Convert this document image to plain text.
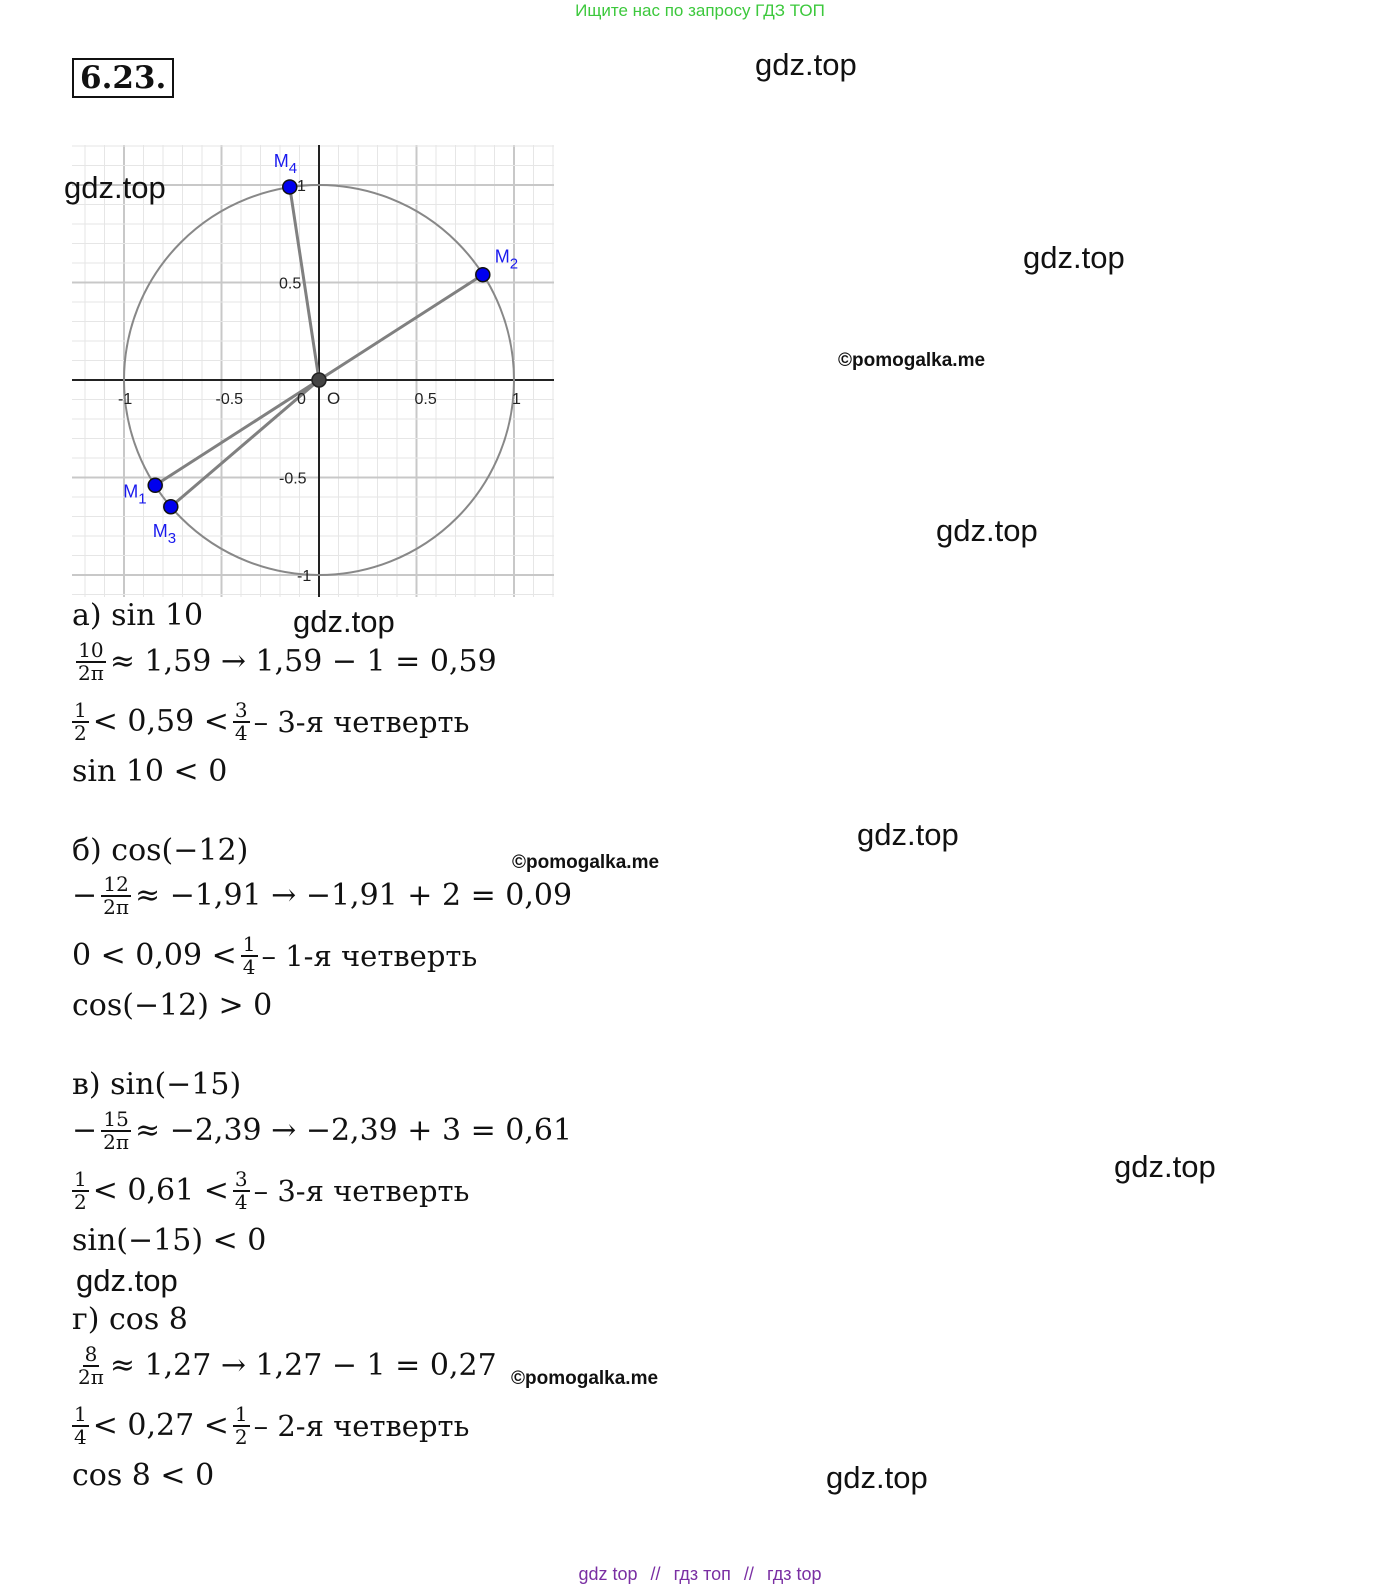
Ищите нас по запросу ГДЗ ТОП
6.23.	gdz.top
gdz.top
©pomogalka.me
gdz.top
gdz.top
gdz.top
©pomogalka.me
gdz.top
gdz.top
©pomogalka.me
gdz.top
-1	-0.5	0	0.5	1
1
0.5
-0.5
-1
O
$M_1$
$M_2$
$M_3$
$M_4$
gdz.top
а) sin 10
$\frac{10}{2\pi} \approx 1,59 \to 1,59 - 1 = 0,59$
$\frac{1}{2} < 0,59 < \frac{3}{4} - 3-я$ четверть
sin 10 < 0
б) cos(−12)
− $\frac{12}{2\pi} \approx -1,91 \to -1,91 + 2 = 0,09$
$0 < 0,09 < \frac{1}{4} - 1-я$ четверть
cos(−12) > 0
в) sin(−15)
− $\frac{15}{2\pi} \approx -2,39 \to -2,39 + 3 = 0,61$
$\frac{1}{2} < 0,61 < \frac{3}{4} - 3-я$ четверть
sin(−15) < 0
г) cos 8
$\frac{8}{2\pi} \approx 1,27 \to 1,27 - 1 = 0,27$
$\frac{1}{4} < 0,27 < \frac{1}{2} - 2-я$ четверть
cos 8 < 0
gdz top // гдз топ // гдз top
